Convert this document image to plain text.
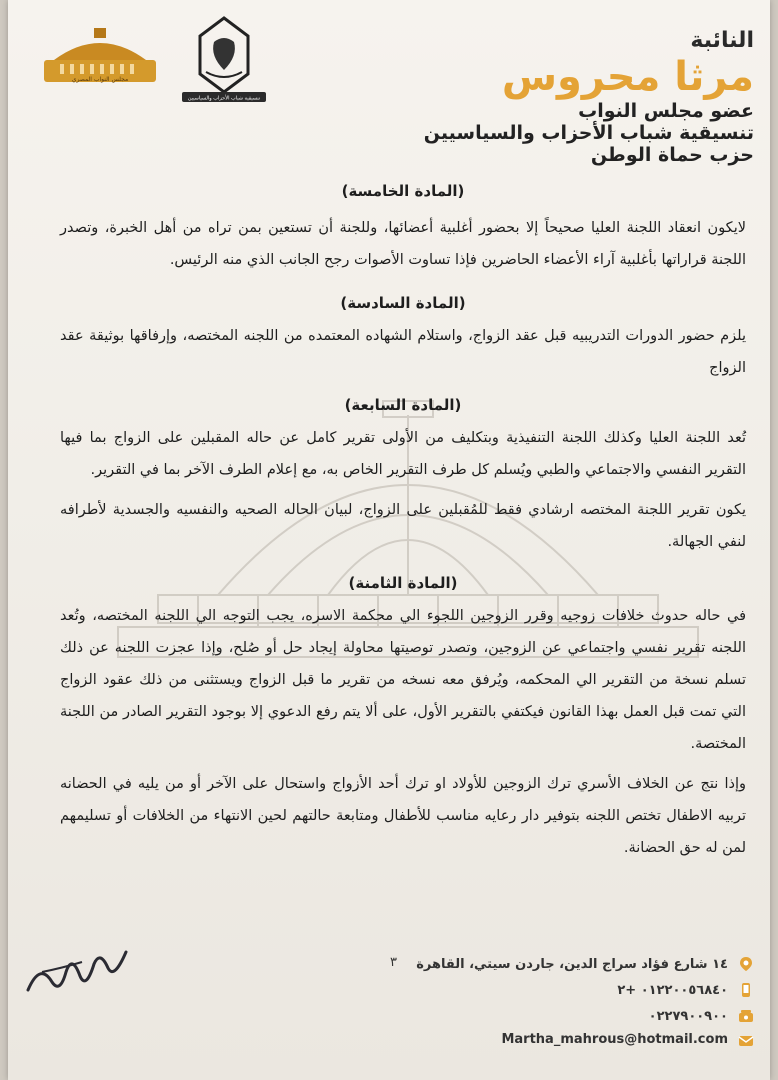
مجلس النواب المصري
تنسيقية شباب الأحزاب والسياسيين
النائبة
مرثا محروس
عضو مجلس النواب
تنسيقية شباب الأحزاب والسياسيين
حزب حماة الوطن
(المادة الخامسة)

لايكون انعقاد اللجنة العليا صحيحاً إلا بحضور أغلبية أعضائها، وللجنة أن تستعين بمن تراه من أهل الخبرة، وتصدر اللجنة قراراتها بأغلبية آراء الأعضاء الحاضرين فإذا تساوت الأصوات رجح الجانب الذي منه الرئيس.

(المادة السادسة)

يلزم حضور الدورات التدريبيه قبل عقد الزواج، واستلام الشهاده المعتمده من اللجنه المختصه، وإرفاقها بوثيقة عقد الزواج

(المادة السابعة)

تُعد اللجنة العليا وكذلك اللجنة التنفيذية وبتكليف من الأولى تقرير كامل عن حاله المقبلين على الزواج بما فيها التقرير النفسي والاجتماعي والطبي ويُسلم كل طرف التقرير الخاص به، مع إعلام الطرف الآخر بما في التقرير.

يكون تقرير اللجنة المختصه ارشادي فقط للمُقبلين على الزواج، لبيان الحاله الصحيه والنفسيه والجسدية لأطرافه لنفي الجهالة.

(المادة الثامنة)

في حاله حدوث خلافات زوجيه وقرر الزوجين اللجوء الي محكمة الاسره، يجب التوجه الي اللجنه المختصه، وتُعد اللجنه تقرير نفسي واجتماعي عن الزوجين، وتصدر توصيتها محاولة إيجاد حل أو صُلح، وإذا عجزت اللجنه عن ذلك تسلم نسخة من التقرير الي المحكمه، ويُرفق معه نسخه من تقرير ما قبل الزواج ويستثنى من ذلك عقود الزواج التي تمت قبل العمل بهذا القانون فيكتفي بالتقرير الأول، على ألا يتم رفع الدعوي إلا بوجود التقرير الصادر من اللجنة المختصة.

وإذا نتج عن الخلاف الأسري ترك الزوجين للأولاد او ترك أحد الأزواج واستحال على الآخر أو من يليه في الحضانه تربيه الاطفال تختص اللجنه بتوفير دار رعايه مناسب للأطفال ومتابعة حالتهم لحين الانتهاء من الخلافات أو تسليمهم لمن له حق الحضانة.

٣ ١٤ شارع فؤاد سراج الدين، جاردن سيتي، القاهرة
٠١٢٢٠٠٥٦٨٤٠ +٢
٠٢٢٧٩٠٠٩٠٠
Martha_mahrous@hotmail.com
